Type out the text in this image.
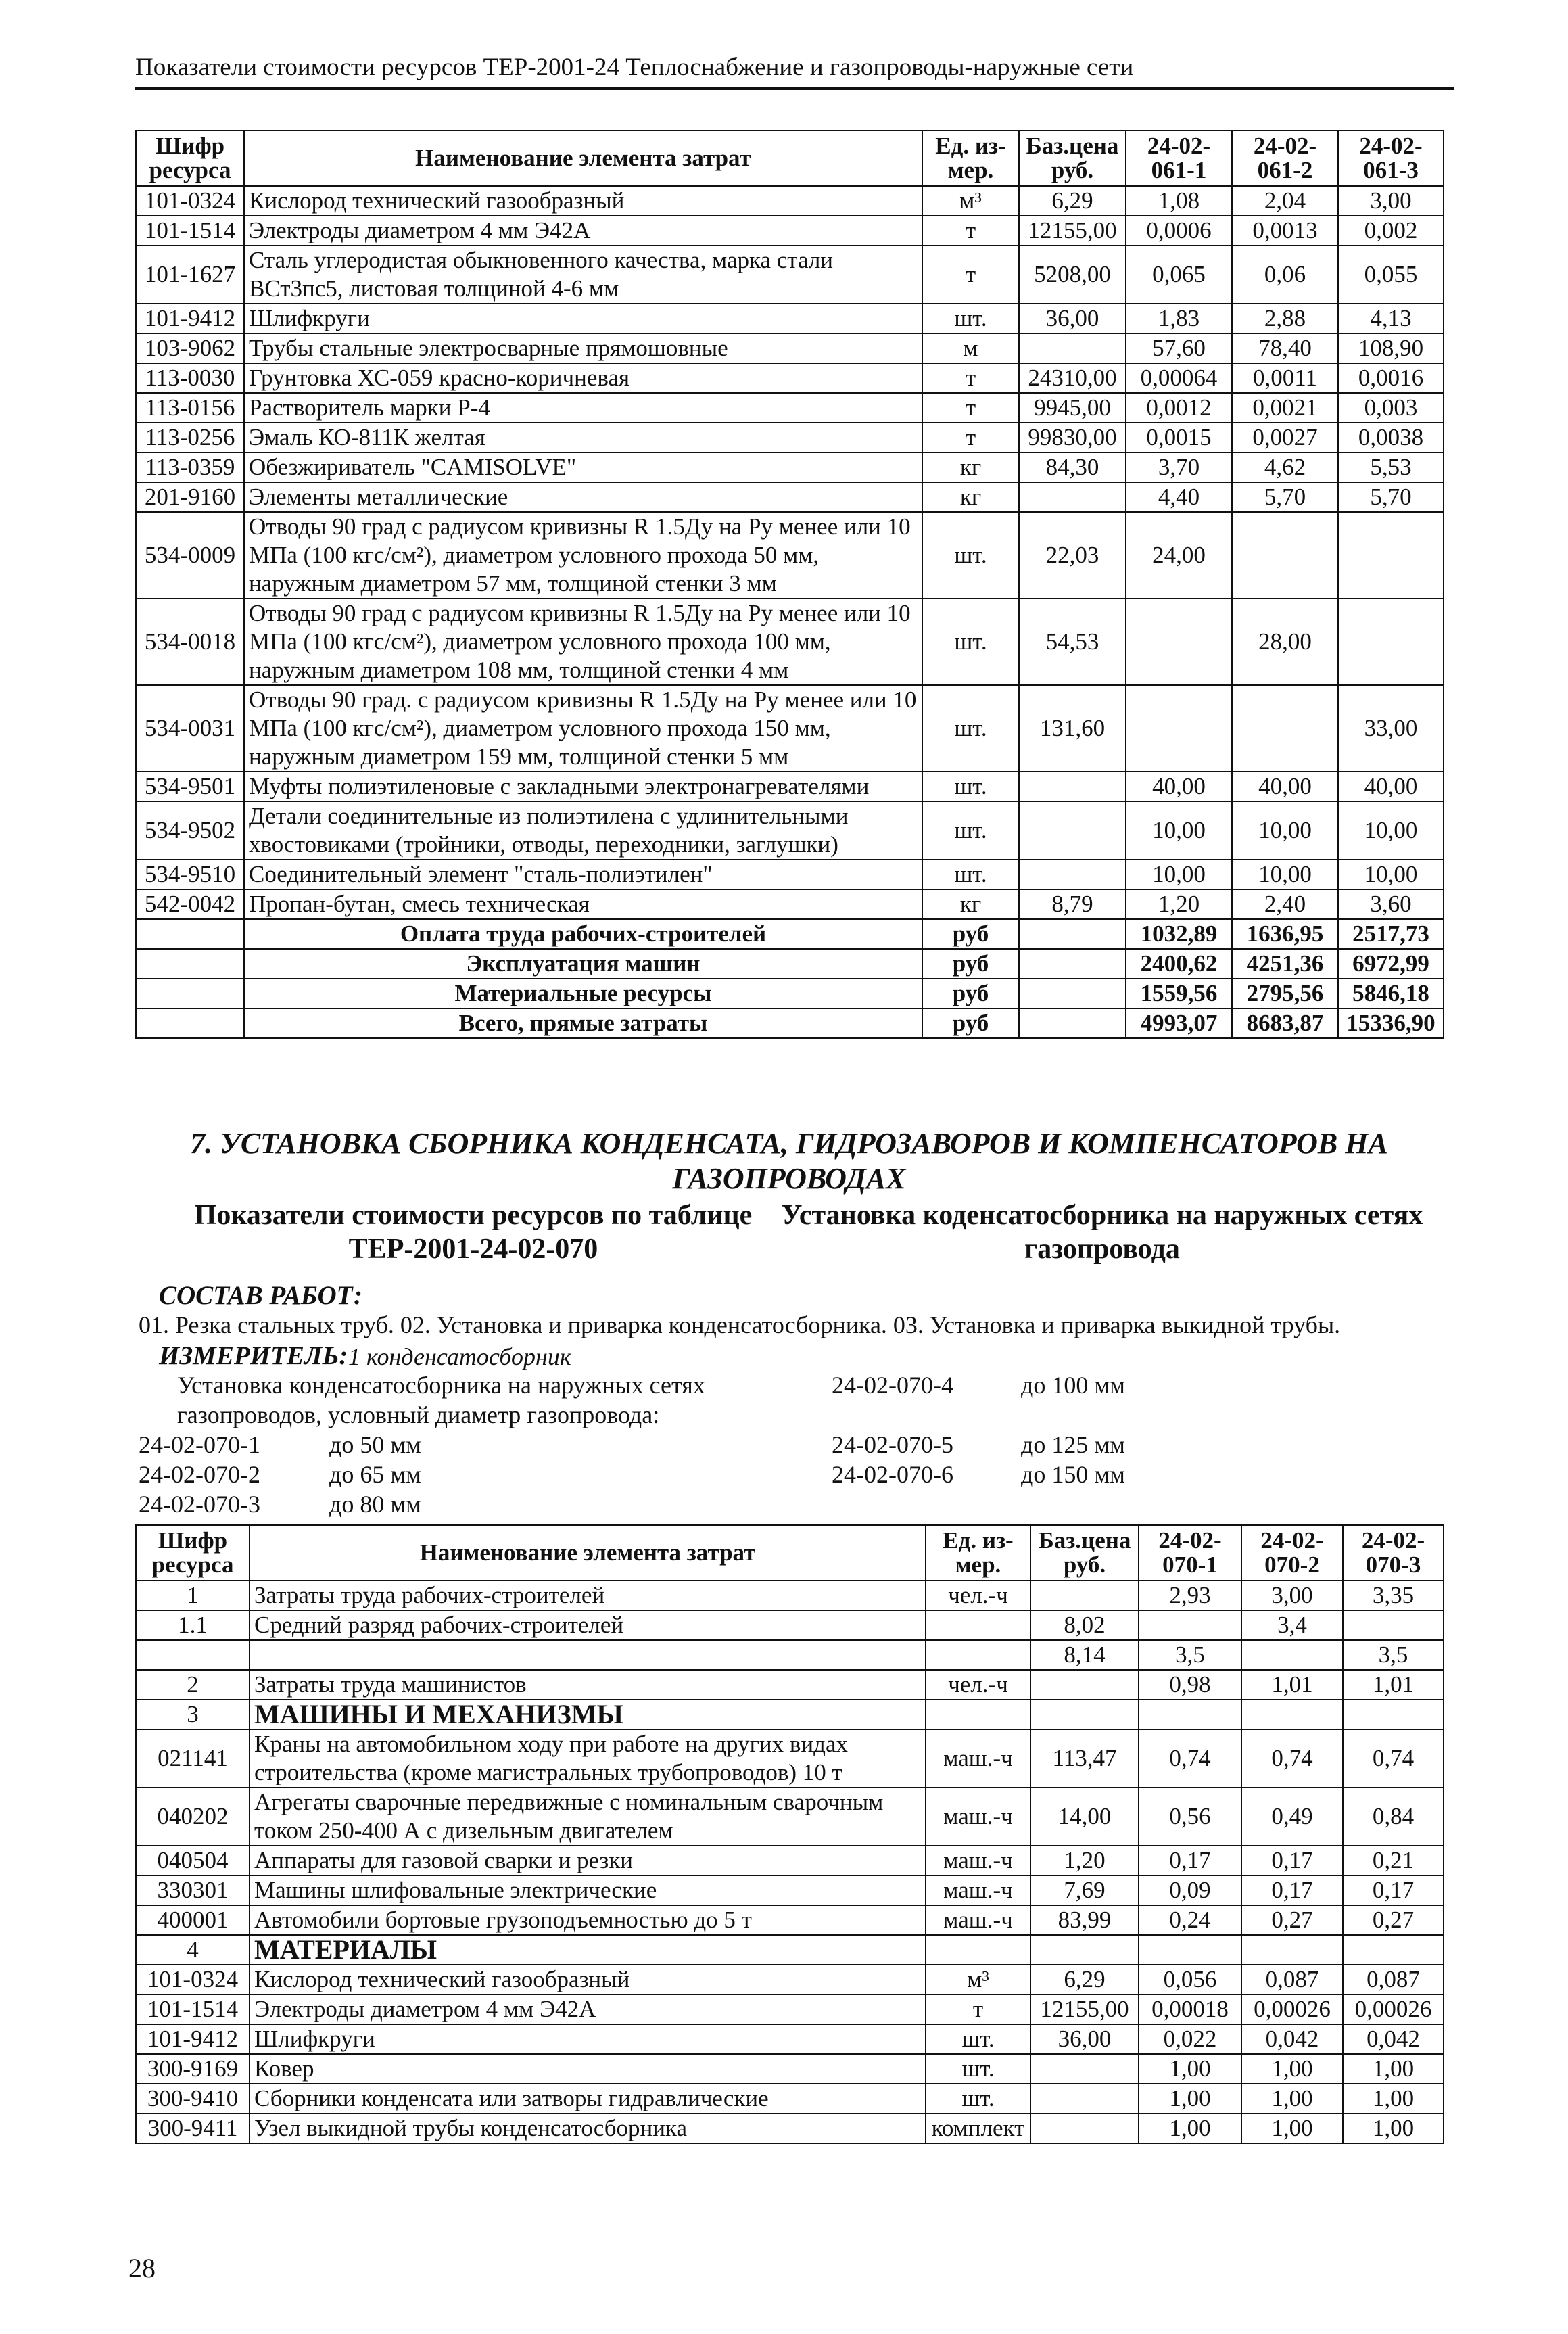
Показатели стоимости ресурсов ТЕР-2001-24 Теплоснабжение и газопроводы-наружные сети
Шифр ресурса	Наименование элемента затрат	Ед. из- мер.	Баз.цена руб.	24-02- 061-1	24-02- 061-2	24-02- 061-3
101-0324	Кислород технический газообразный	м³	6,29	1,08	2,04	3,00
101-1514	Электроды диаметром 4 мм Э42А	т	12155,00	0,0006	0,0013	0,002
101-1627	Сталь углеродистая обыкновенного качества, марка стали ВСт3пс5, листовая толщиной 4-6 мм	т	5208,00	0,065	0,06	0,055
101-9412	Шлифкруги	шт.	36,00	1,83	2,88	4,13
103-9062	Трубы стальные электросварные прямошовные	м		57,60	78,40	108,90
113-0030	Грунтовка ХС-059 красно-коричневая	т	24310,00	0,00064	0,0011	0,0016
113-0156	Растворитель марки Р-4	т	9945,00	0,0012	0,0021	0,003
113-0256	Эмаль КО-811К желтая	т	99830,00	0,0015	0,0027	0,0038
113-0359	Обезжириватель "CAMISOLVE"	кг	84,30	3,70	4,62	5,53
201-9160	Элементы металлические	кг		4,40	5,70	5,70
534-0009	Отводы 90 град с радиусом кривизны R 1.5Ду на Ру менее или 10 МПа (100 кгс/см²), диаметром условного прохода 50 мм, наружным диаметром 57 мм, толщиной стенки 3 мм	шт.	22,03	24,00		
534-0018	Отводы 90 град с радиусом кривизны R 1.5Ду на Ру менее или 10 МПа (100 кгс/см²), диаметром условного прохода 100 мм, наружным диаметром 108 мм, толщиной стенки 4 мм	шт.	54,53		28,00	
534-0031	Отводы 90 град. с радиусом кривизны R 1.5Ду на Ру менее или 10 МПа (100 кгс/см²), диаметром условного прохода 150 мм, наружным диаметром 159 мм, толщиной стенки 5 мм	шт.	131,60			33,00
534-9501	Муфты полиэтиленовые с закладными электронагревателями	шт.		40,00	40,00	40,00
534-9502	Детали соединительные из полиэтилена с удлинительными хвостовиками (тройники, отводы, переходники, заглушки)	шт.		10,00	10,00	10,00
534-9510	Соединительный элемент "сталь-полиэтилен"	шт.		10,00	10,00	10,00
542-0042	Пропан-бутан, смесь техническая	кг	8,79	1,20	2,40	3,60
	Оплата труда рабочих-строителей	руб		1032,89	1636,95	2517,73
	Эксплуатация машин	руб		2400,62	4251,36	6972,99
	Материальные ресурсы	руб		1559,56	2795,56	5846,18
	Всего, прямые затраты	руб		4993,07	8683,87	15336,90
7. УСТАНОВКА СБОРНИКА КОНДЕНСАТА, ГИДРОЗАВОРОВ И КОМПЕНСАТОРОВ НА ГАЗОПРОВОДАХ
Показатели стоимости ресурсов по таблице ТЕР-2001-24-02-070
Установка коденсатосборника на наружных сетях газопровода
СОСТАВ РАБОТ:
01. Резка стальных труб. 02. Установка и приварка конденсатосборника. 03. Установка и приварка выкидной трубы.
ИЗМЕРИТЕЛЬ: 1 конденсатосборник
Установка конденсатосборника на наружных сетях
газопроводов, условный диаметр газопровода:
24-02-070-1	до 50 мм
24-02-070-2	до 65 мм
24-02-070-3	до 80 мм
24-02-070-4	до 100 мм
24-02-070-5	до 125 мм
24-02-070-6	до 150 мм
Шифр ресурса	Наименование элемента затрат	Ед. из- мер.	Баз.цена руб.	24-02- 070-1	24-02- 070-2	24-02- 070-3
1	Затраты труда рабочих-строителей	чел.-ч		2,93	3,00	3,35
1.1	Средний разряд рабочих-строителей		8,02		3,4	
			8,14	3,5		3,5
2	Затраты труда машинистов	чел.-ч		0,98	1,01	1,01
3	МАШИНЫ И МЕХАНИЗМЫ					
021141	Краны на автомобильном ходу при работе на других видах строительства (кроме магистральных трубопроводов) 10 т	маш.-ч	113,47	0,74	0,74	0,74
040202	Агрегаты сварочные передвижные с номинальным сварочным током 250-400 А с дизельным двигателем	маш.-ч	14,00	0,56	0,49	0,84
040504	Аппараты для газовой сварки и резки	маш.-ч	1,20	0,17	0,17	0,21
330301	Машины шлифовальные электрические	маш.-ч	7,69	0,09	0,17	0,17
400001	Автомобили бортовые грузоподъемностью до 5 т	маш.-ч	83,99	0,24	0,27	0,27
4	МАТЕРИАЛЫ					
101-0324	Кислород технический газообразный	м³	6,29	0,056	0,087	0,087
101-1514	Электроды диаметром 4 мм Э42А	т	12155,00	0,00018	0,00026	0,00026
101-9412	Шлифкруги	шт.	36,00	0,022	0,042	0,042
300-9169	Ковер	шт.		1,00	1,00	1,00
300-9410	Сборники конденсата или затворы гидравлические	шт.		1,00	1,00	1,00
300-9411	Узел выкидной трубы конденсатосборника	комплект		1,00	1,00	1,00
28
